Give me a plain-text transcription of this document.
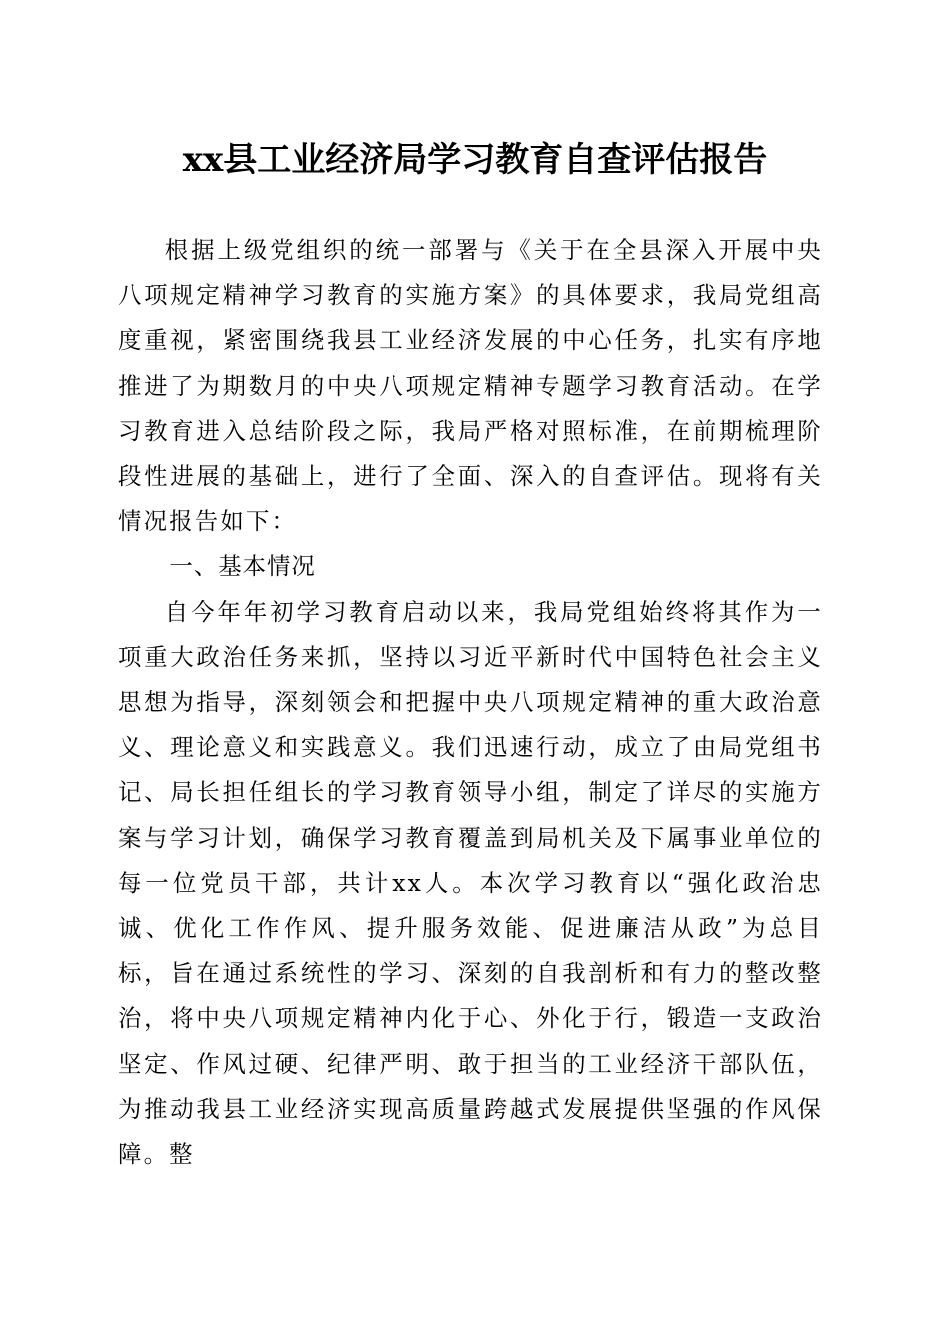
xx县工业经济局学习教育自查评估报告

根据上级党组织的统一部署与《关于在全县深入开展中央八项规定精神学习教育的实施方案》的具体要求，我局党组高度重视，紧密围绕我县工业经济发展的中心任务，扎实有序地推进了为期数月的中央八项规定精神专题学习教育活动。在学习教育进入总结阶段之际，我局严格对照标准，在前期梳理阶段性进展的基础上，进行了全面、深入的自查评估。现将有关情况报告如下：

一、基本情况

自今年年初学习教育启动以来，我局党组始终将其作为一项重大政治任务来抓，坚持以习近平新时代中国特色社会主义思想为指导，深刻领会和把握中央八项规定精神的重大政治意义、理论意义和实践意义。我们迅速行动，成立了由局党组书记、局长担任组长的学习教育领导小组，制定了详尽的实施方案与学习计划，确保学习教育覆盖到局机关及下属事业单位的每一位党员干部，共计xx人。本次学习教育以“强化政治忠诚、优化工作作风、提升服务效能、促进廉洁从政”为总目标，旨在通过系统性的学习、深刻的自我剖析和有力的整改整治，将中央八项规定精神内化于心、外化于行，锻造一支政治坚定、作风过硬、纪律严明、敢于担当的工业经济干部队伍，为推动我县工业经济实现高质量跨越式发展提供坚强的作风保障。整
